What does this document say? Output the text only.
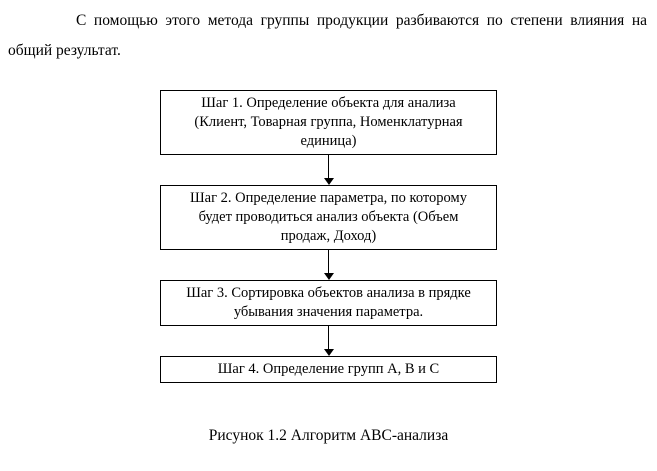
С помощью этого метода группы продукции разбиваются по степени влияния на общий результат.

Шаг 1. Определение объекта для анализа (Клиент, Товарная группа, Номенклатурная единица)
Шаг 2. Определение параметра, по которому будет проводиться анализ объекта (Объем продаж, Доход)
Шаг 3. Сортировка объектов анализа в прядке убывания значения параметра.
Шаг 4. Определение групп А, В и С

Рисунок 1.2 Алгоритм АВС-анализа
